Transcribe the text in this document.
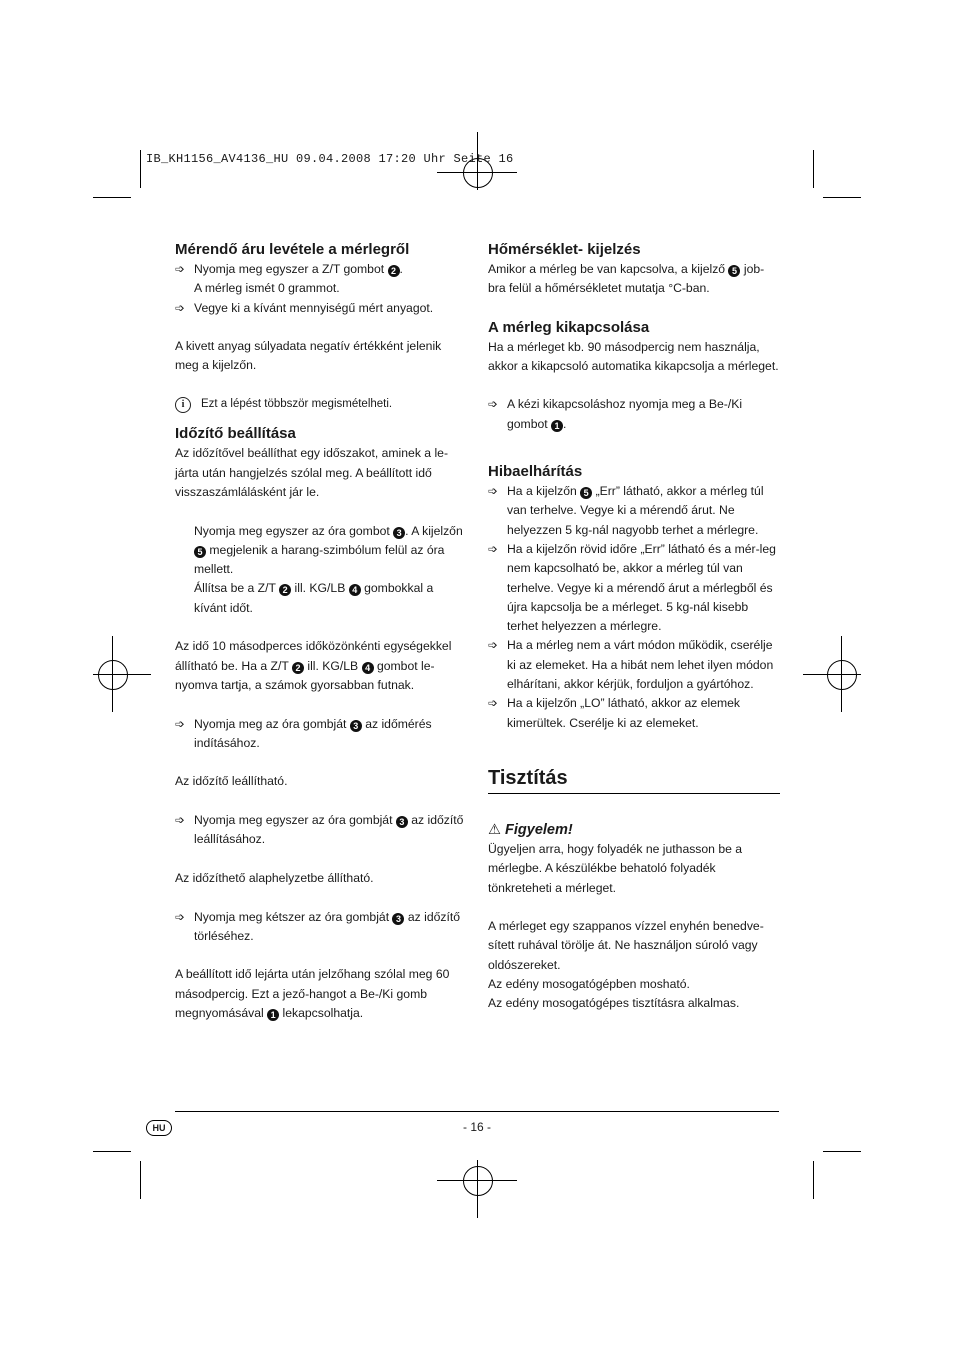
IB_KH1156_AV4136_HU 09.04.2008 17:20 Uhr Seite 16
Mérendő áru levétele a mérlegről
➩ Nyomja meg egyszer a Z/T gombot 2 .
A mérleg ismét 0 grammot.
➩ Vegye ki a kívánt mennyiségű mért anyagot.

A kivett anyag súlyadata negatív értékként jelenik meg a kijelzőn.

i	Ezt a lépést többször megismételheti.
Időzítő beállítása

Az időzítővel beállíthat egy időszakot, aminek a le-járta után hangjelzés szólal meg. A beállított idő visszaszámlálásként jár le.

Nyomja meg egyszer az óra gombot 3 . A kijelzőn 5 megjelenik a harang-szimbólum felül az óra mellett.
Állítsa be a Z/T 2 ill. KG/LB 4 gombokkal a kívánt időt.

Az idő 10 másodperces időközönkénti egységekkel állítható be. Ha a Z/T 2 ill. KG/LB 4 gombot le-nyomva tartja, a számok gyorsabban futnak.

➩ Nyomja meg az óra gombját 3 az időmérés indításához.

Az időzítő leállítható.

➩ Nyomja meg egyszer az óra gombját 3 az időzítő leállításához.

Az időzíthető alaphelyzetbe állítható.

➩ Nyomja meg kétszer az óra gombját 3 az időzítő törléséhez.

A beállított idő lejárta után jelzőhang szólal meg 60 másodpercig. Ezt a jező-hangot a Be-/Ki gomb megnyomásával 1 lekapcsolhatja.

Hőmérséklet- kijelzés

Amikor a mérleg be van kapcsolva, a kijelző 5 job-bra felül a hőmérsékletet mutatja °C-ban.

A mérleg kikapcsolása

Ha a mérleget kb. 90 másodpercig nem használja, akkor a kikapcsoló automatika kikapcsolja a mérleget.

➩ A kézi kikapcsoláshoz nyomja meg a Be-/Ki gombot 1 .
Hibaelhárítás
➩ Ha a kijelzőn 5 „Err” látható, akkor a mérleg túl van terhelve. Vegye ki a mérendő árut. Ne helyezzen 5 kg-nál nagyobb terhet a mérlegre.
➩ Ha a kijelzőn rövid időre „Err” látható és a mér-leg nem kapcsolható be, akkor a mérleg túl van terhelve. Vegye ki a mérendő árut a mérlegből és újra kapcsolja be a mérleget. 5 kg-nál kisebb terhet helyezzen a mérlegre.
➩ Ha a mérleg nem a várt módon működik, cserélje ki az elemeket. Ha a hibát nem lehet ilyen módon elhárítani, akkor kérjük, forduljon a gyártóhoz.
➩ Ha a kijelzőn „LO” látható, akkor az elemek kimerültek. Cserélje ki az elemeket.
Tisztítás
⚠ Figyelem!

Ügyeljen arra, hogy folyadék ne juthasson be a mérlegbe. A készülékbe behatoló folyadék tönkreteheti a mérleget.

A mérleget egy szappanos vízzel enyhén benedve-sített ruhával törölje át. Ne használjon súroló vagy oldószereket.

Az edény mosogatógépben mosható.

Az edény mosogatógépes tisztításra alkalmas.

HU	- 16 -
